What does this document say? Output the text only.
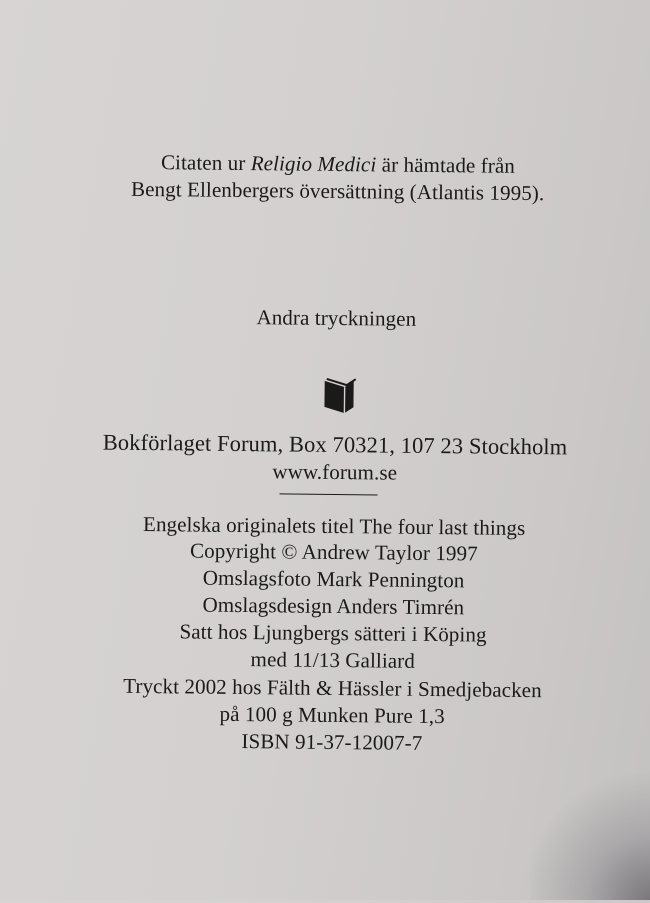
Citaten ur Religio Medici är hämtade från
Bengt Ellenbergers översättning (Atlantis 1995).
Andra tryckningen
Bokförlaget Forum, Box 70321, 107 23 Stockholm
www.forum.se
Engelska originalets titel The four last things
Copyright © Andrew Taylor 1997
Omslagsfoto Mark Pennington
Omslagsdesign Anders Timrén
Satt hos Ljungbergs sätteri i Köping
med 11/13 Galliard
Tryckt 2002 hos Fälth & Hässler i Smedjebacken
på 100 g Munken Pure 1,3
ISBN 91-37-12007-7
